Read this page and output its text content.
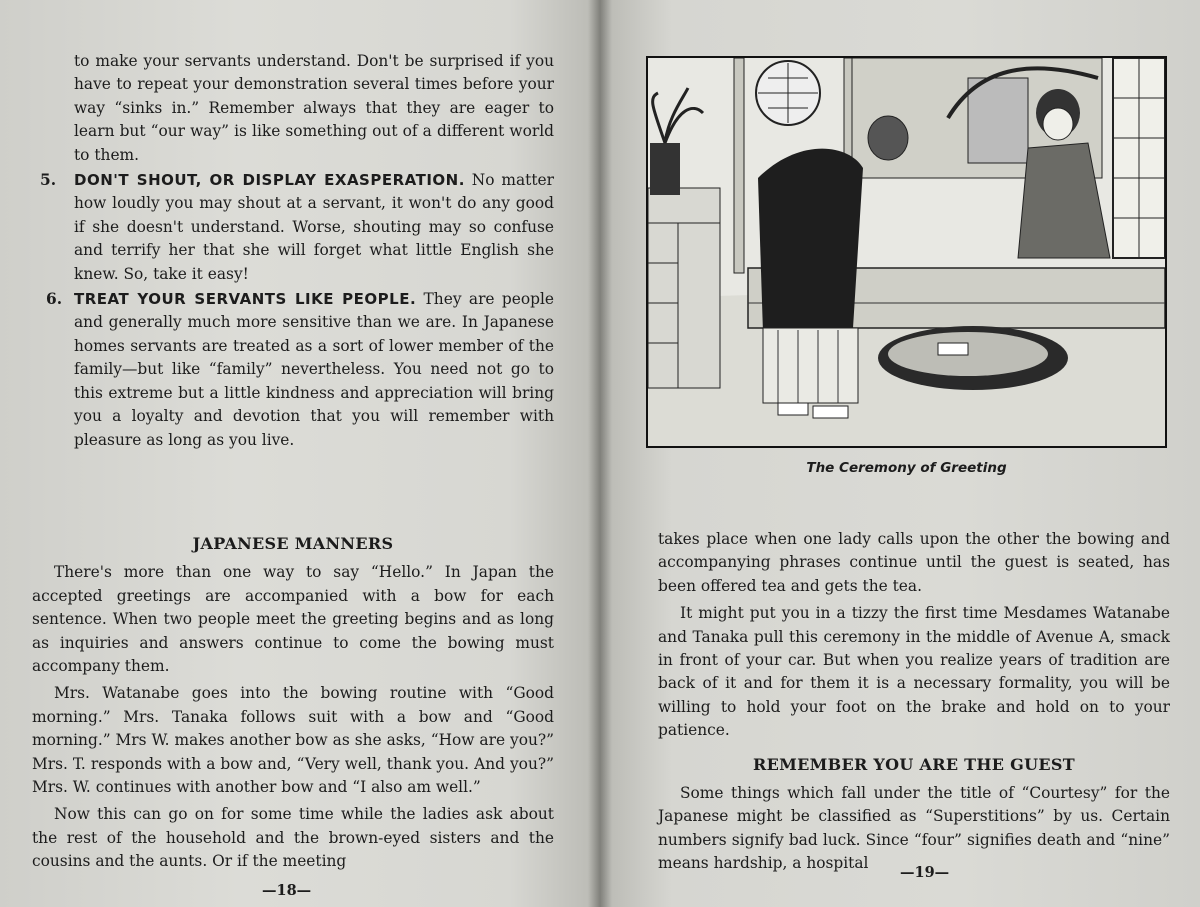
to make your servants understand. Don't be surprised if you have to repeat your demonstration several times before your way “sinks in.” Remember always that they are eager to learn but “our way” is like something out of a different world to them.

5. DON'T SHOUT, OR DISPLAY EXASPERATION. No matter how loudly you may shout at a servant, it won't do any good if she doesn't understand. Worse, shouting may so confuse and terrify her that she will forget what little English she knew. So, take it easy!
6. TREAT YOUR SERVANTS LIKE PEOPLE. They are people and generally much more sensitive than we are. In Japanese homes servants are treated as a sort of lower member of the family—but like “family” nevertheless. You need not go to this extreme but a little kindness and appreciation will bring you a loyalty and devotion that you will remember with pleasure as long as you live.
JAPANESE MANNERS

There's more than one way to say “Hello.” In Japan the accepted greetings are accompanied with a bow for each sentence. When two people meet the greeting begins and as long as inquiries and answers continue to come the bowing must accompany them.

Mrs. Watanabe goes into the bowing routine with “Good morning.” Mrs. Tanaka follows suit with a bow and “Good morning.” Mrs W. makes another bow as she asks, “How are you?” Mrs. T. responds with a bow and, “Very well, thank you. And you?” Mrs. W. continues with another bow and “I also am well.”

Now this can go on for some time while the ladies ask about the rest of the household and the brown-eyed sisters and the cousins and the aunts. Or if the meeting

—18—
The Ceremony of Greeting

takes place when one lady calls upon the other the bowing and accompanying phrases continue until the guest is seated, has been offered tea and gets the tea.

It might put you in a tizzy the first time Mesdames Watanabe and Tanaka pull this ceremony in the middle of Avenue A, smack in front of your car. But when you realize years of tradition are back of it and for them it is a necessary formality, you will be willing to hold your foot on the brake and hold on to your patience.

REMEMBER YOU ARE THE GUEST

Some things which fall under the title of “Courtesy” for the Japanese might be classified as “Superstitions” by us. Certain numbers signify bad luck. Since “four” signifies death and “nine” means hardship, a hospital

—19—
